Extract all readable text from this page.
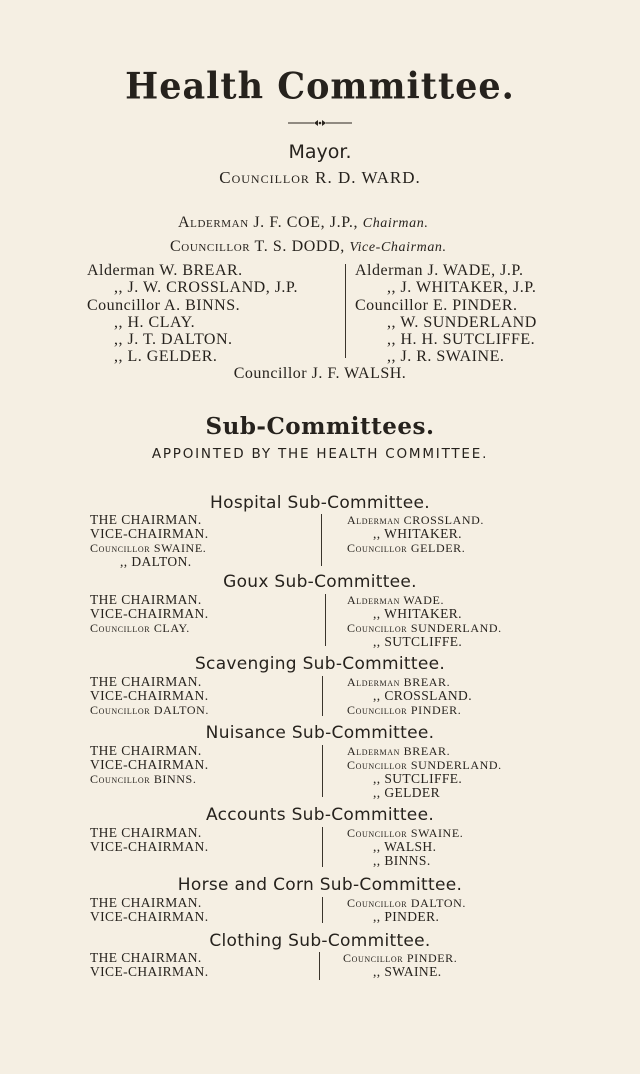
Health Committee.
Mayor.
Councillor R. D. WARD.
Alderman J. F. COE, J.P., Chairman.
Councillor T. S. DODD, Vice-Chairman.
Alderman W. BREAR.
,, J. W. CROSSLAND, J.P.
Councillor A. BINNS.
,, H. CLAY.
,, J. T. DALTON.
,, L. GELDER.
Alderman J. WADE, J.P.
,, J. WHITAKER, J.P.
Councillor E. PINDER.
,, W. SUNDERLAND
,, H. H. SUTCLIFFE.
,, J. R. SWAINE.
Councillor J. F. WALSH.
Sub-Committees.
APPOINTED BY THE HEALTH COMMITTEE.
Hospital Sub-Committee.
THE CHAIRMAN.
VICE-CHAIRMAN.
Councillor SWAINE.
,, DALTON.
Alderman CROSSLAND.
,, WHITAKER.
Councillor GELDER.
Goux Sub-Committee.
THE CHAIRMAN.
VICE-CHAIRMAN.
Councillor CLAY.
Alderman WADE.
,, WHITAKER.
Councillor SUNDERLAND.
,, SUTCLIFFE.
Scavenging Sub-Committee.
THE CHAIRMAN.
VICE-CHAIRMAN.
Councillor DALTON.
Alderman BREAR.
,, CROSSLAND.
Councillor PINDER.
Nuisance Sub-Committee.
THE CHAIRMAN.
VICE-CHAIRMAN.
Councillor BINNS.
Alderman BREAR.
Councillor SUNDERLAND.
,, SUTCLIFFE.
,, GELDER
Accounts Sub-Committee.
THE CHAIRMAN.
VICE-CHAIRMAN.
Councillor SWAINE.
,, WALSH.
,, BINNS.
Horse and Corn Sub-Committee.
THE CHAIRMAN.
VICE-CHAIRMAN.
Councillor DALTON.
,, PINDER.
Clothing Sub-Committee.
THE CHAIRMAN.
VICE-CHAIRMAN.
Councillor PINDER.
,, SWAINE.
